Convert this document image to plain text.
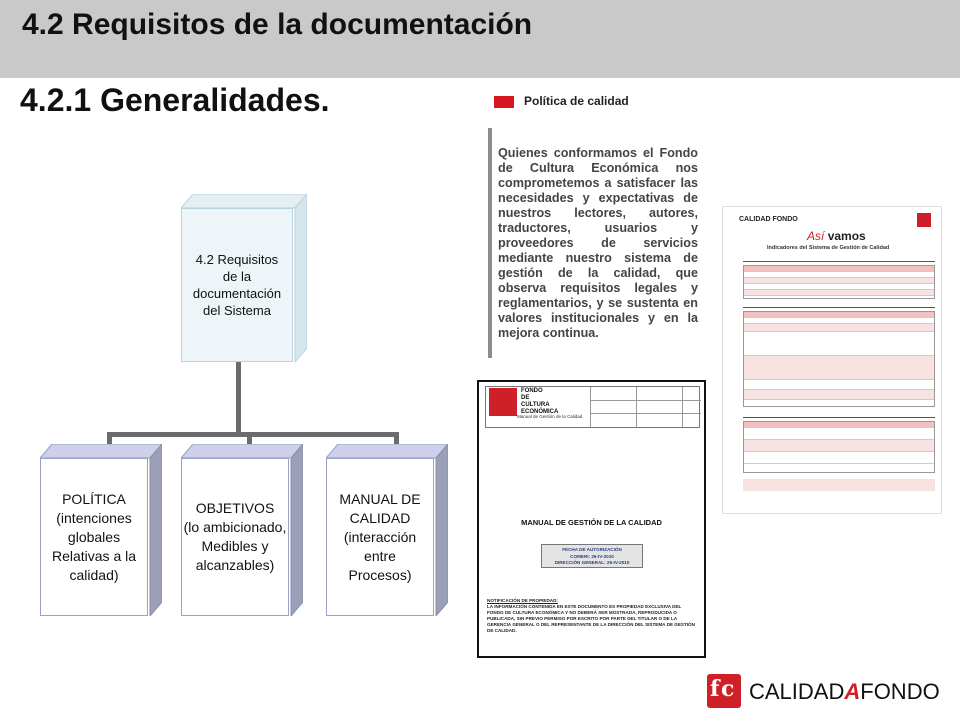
4.2 Requisitos de la documentación
4.2.1 Generalidades.
4.2 Requisitos
de la
documentación
del Sistema
POLÍTICA
(intenciones
globales
Relativas a la
calidad)
OBJETIVOS
(lo ambicionado,
Medibles y
alcanzables)
MANUAL DE
CALIDAD
(interacción
entre
Procesos)
Política de calidad
Quienes conformamos el Fondo de Cultura Económica nos comprometemos a satisfacer las necesidades y expectativas de nuestros lectores, autores, traductores, usuarios y proveedores de servicios mediante nuestro sistema de gestión de la calidad, que observa requisitos legales y reglamentarios, y se sustenta en valores institucionales y en la mejora continua.
FONDO DE CULTURA ECONÓMICA
Manual de Gestión de la Calidad
MANUAL DE GESTIÓN DE LA CALIDAD
FECHA DE AUTORIZACIÓN
COMERI: 26-IV-2010
DIRECCIÓN GENERAL: 26-IV-2010
NOTIFICACIÓN DE PROPIEDAD:
LA INFORMACIÓN CONTENIDA EN ESTE DOCUMENTO ES PROPIEDAD EXCLUSIVA DEL FONDO DE CULTURA ECONÓMICA Y NO DEBERÁ SER MOSTRADA, REPRODUCIDA O PUBLICADA, SIN PREVIO PERMISO POR ESCRITO POR PARTE DEL TITULAR O DE LA GERENCIA GENERAL O DEL REPRESENTANTE DE LA DIRECCIÓN DEL SISTEMA DE GESTIÓN DE CALIDAD.
CALIDAD FONDO
Así vamos
Indicadores del Sistema de Gestión de Calidad
f c CALIDADAFONDO
